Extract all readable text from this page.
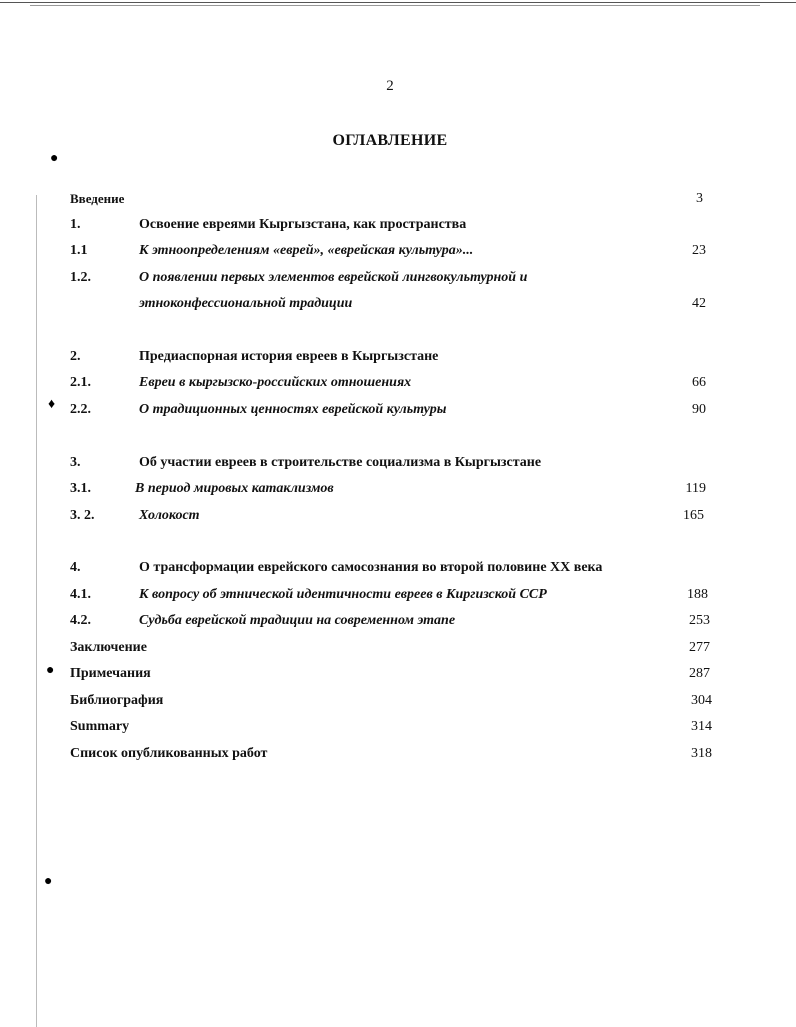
●
♦
●
●
2
ОГЛАВЛЕНИЕ
Введение	3
1.	Освоение евреями Кыргызстана, как пространства
1.1	К этноопределениям «еврей», «еврейская культура»...	23
1.2.	О появлении первых элементов еврейской лингвокультурной и
этноконфессиональной традиции	42
2.	Предиаспорная история евреев в Кыргызстане
2.1.	Евреи в кыргызско-российских отношениях	66
2.2.	О традиционных ценностях еврейской культуры	90
3.	Об участии евреев в строительстве социализма в Кыргызстане
3.1.	В период мировых катаклизмов	119
3. 2.	Холокост	165
4.	О трансформации еврейского самосознания во второй половине XX века
4.1.	К вопросу об этнической идентичности евреев в Киргизской ССР	188
4.2.	Судьба еврейской традиции на современном этапе	253
Заключение	277
Примечания	287
Библиография	304
Summary	314
Список опубликованных работ	318
